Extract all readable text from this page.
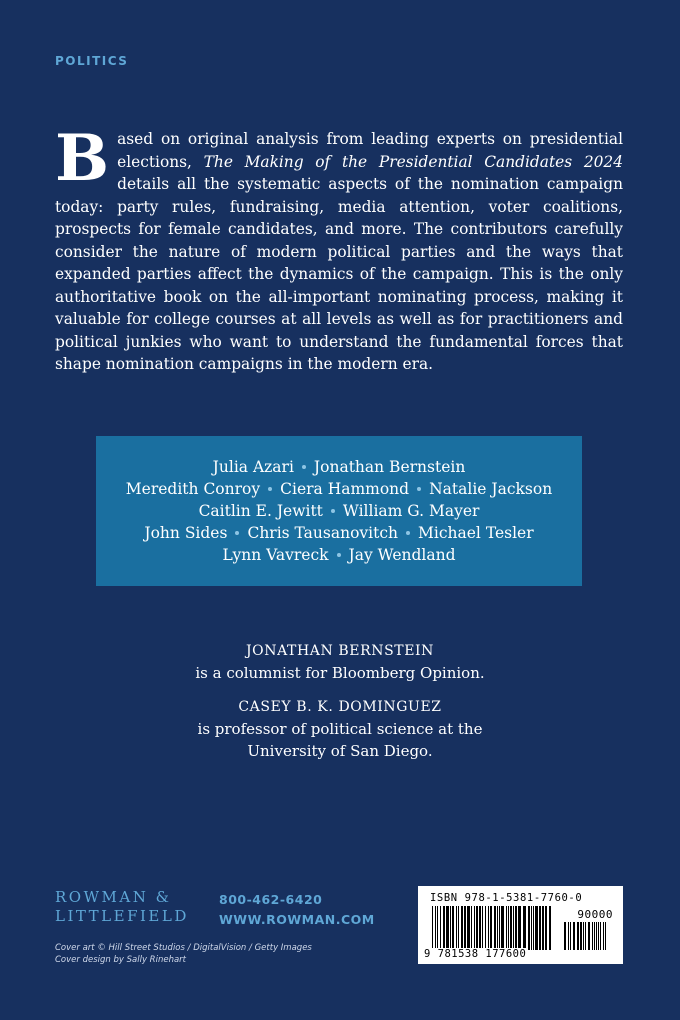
POLITICS
Based on original analysis from leading experts on presidential elections, The Making of the Presidential Candidates 2024 details all the systematic aspects of the nomination campaign today: party rules, fundraising, media attention, voter coalitions, prospects for female candidates, and more. The contributors carefully consider the nature of modern political parties and the ways that expanded parties affect the dynamics of the campaign. This is the only authoritative book on the all-important nominating process, making it valuable for college courses at all levels as well as for practitioners and political junkies who want to understand the fundamental forces that shape nomination campaigns in the modern era.
Julia Azari Jonathan Bernstein
Meredith Conroy Ciera Hammond Natalie Jackson
Caitlin E. Jewitt William G. Mayer
John Sides Chris Tausanovitch Michael Tesler
Lynn Vavreck Jay Wendland
JONATHAN BERNSTEIN
is a columnist for Bloomberg Opinion.
CASEY B. K. DOMINGUEZ
is professor of political science at the
University of San Diego.
ROWMAN &
LITTLEFIELD
800-462-6420
WWW.ROWMAN.COM
Cover art © Hill Street Studios / DigitalVision / Getty Images
Cover design by Sally Rinehart
ISBN 978-1-5381-7760-0
90000
9 781538 177600
